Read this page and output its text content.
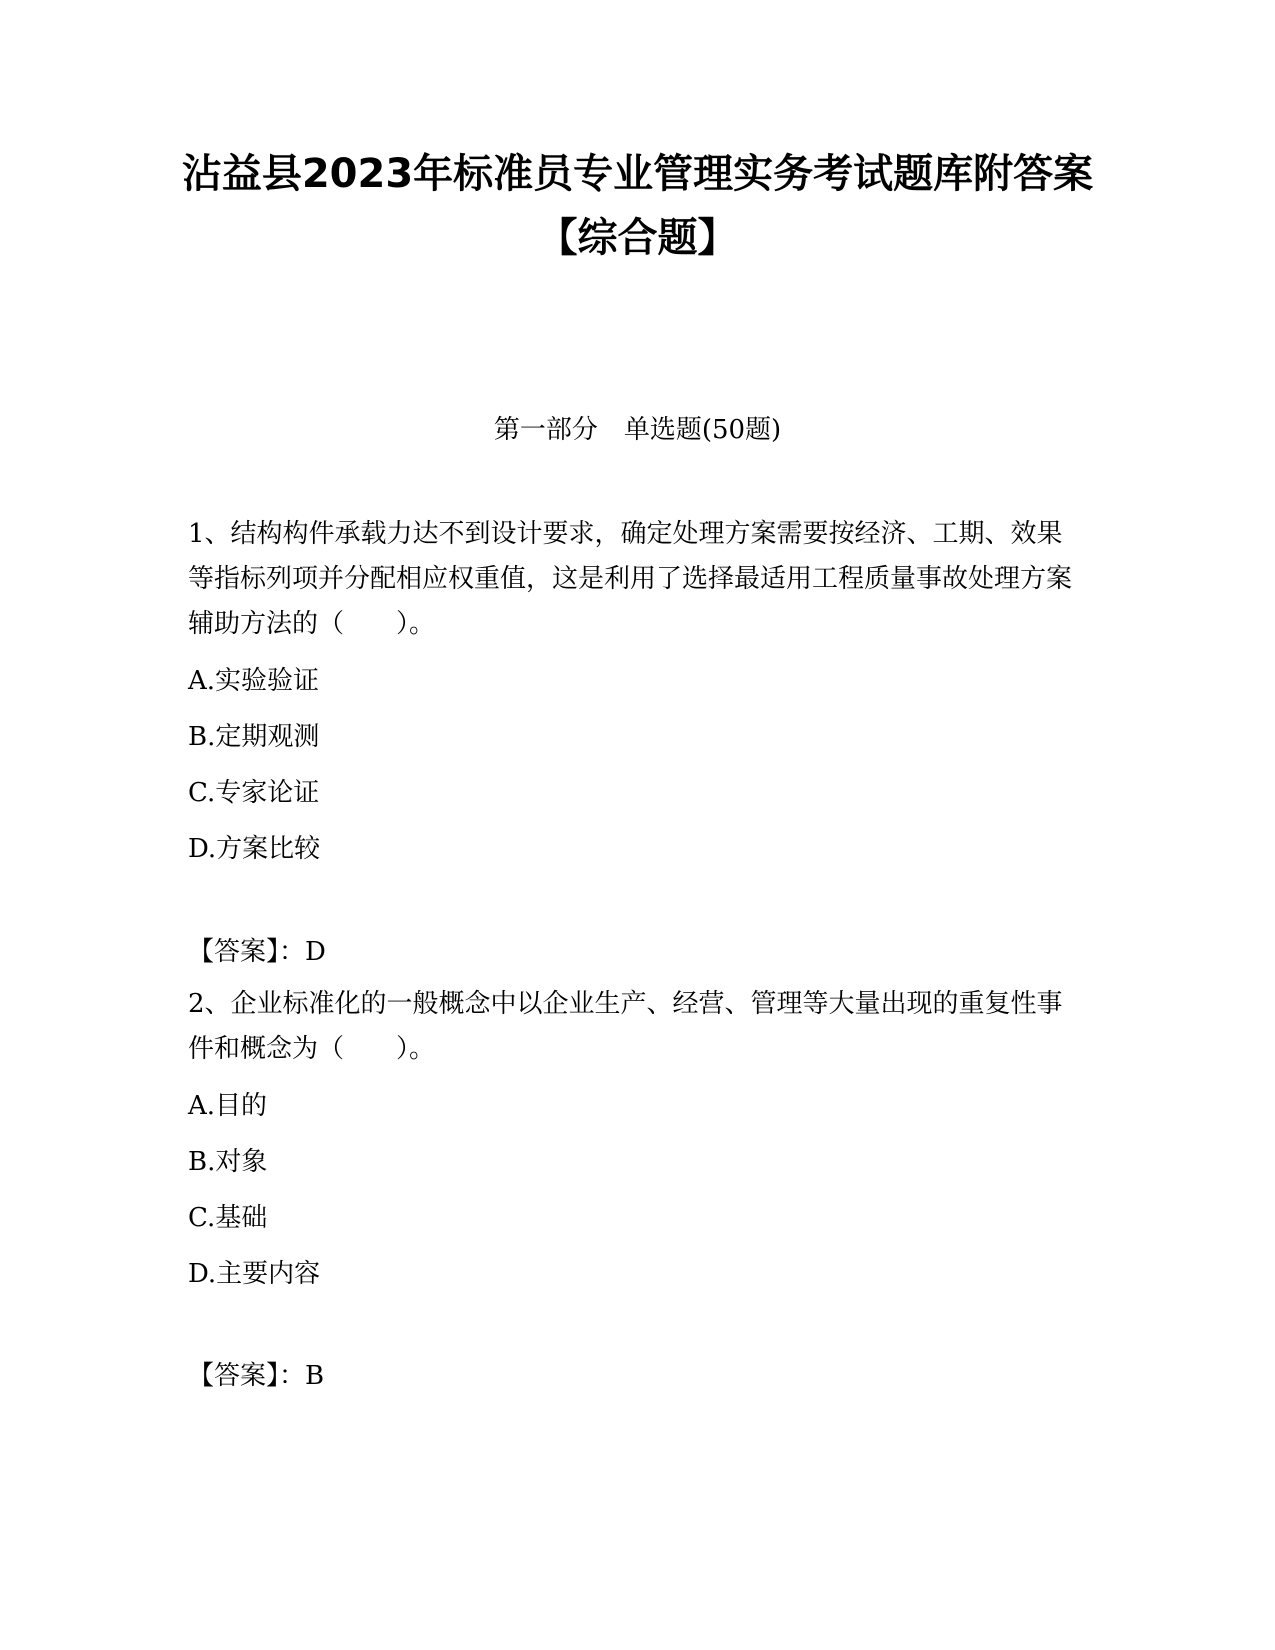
沾益县2023年标准员专业管理实务考试题库附答案【综合题】

第一部分　单选题(50题)

1、结构构件承载力达不到设计要求，确定处理方案需要按经济、工期、效果等指标列项并分配相应权重值，这是利用了选择最适用工程质量事故处理方案辅助方法的（　　）。

A.实验验证

B.定期观测

C.专家论证

D.方案比较

【答案】：D

2、企业标准化的一般概念中以企业生产、经营、管理等大量出现的重复性事件和概念为（　　）。

A.目的

B.对象

C.基础

D.主要内容

【答案】：B
